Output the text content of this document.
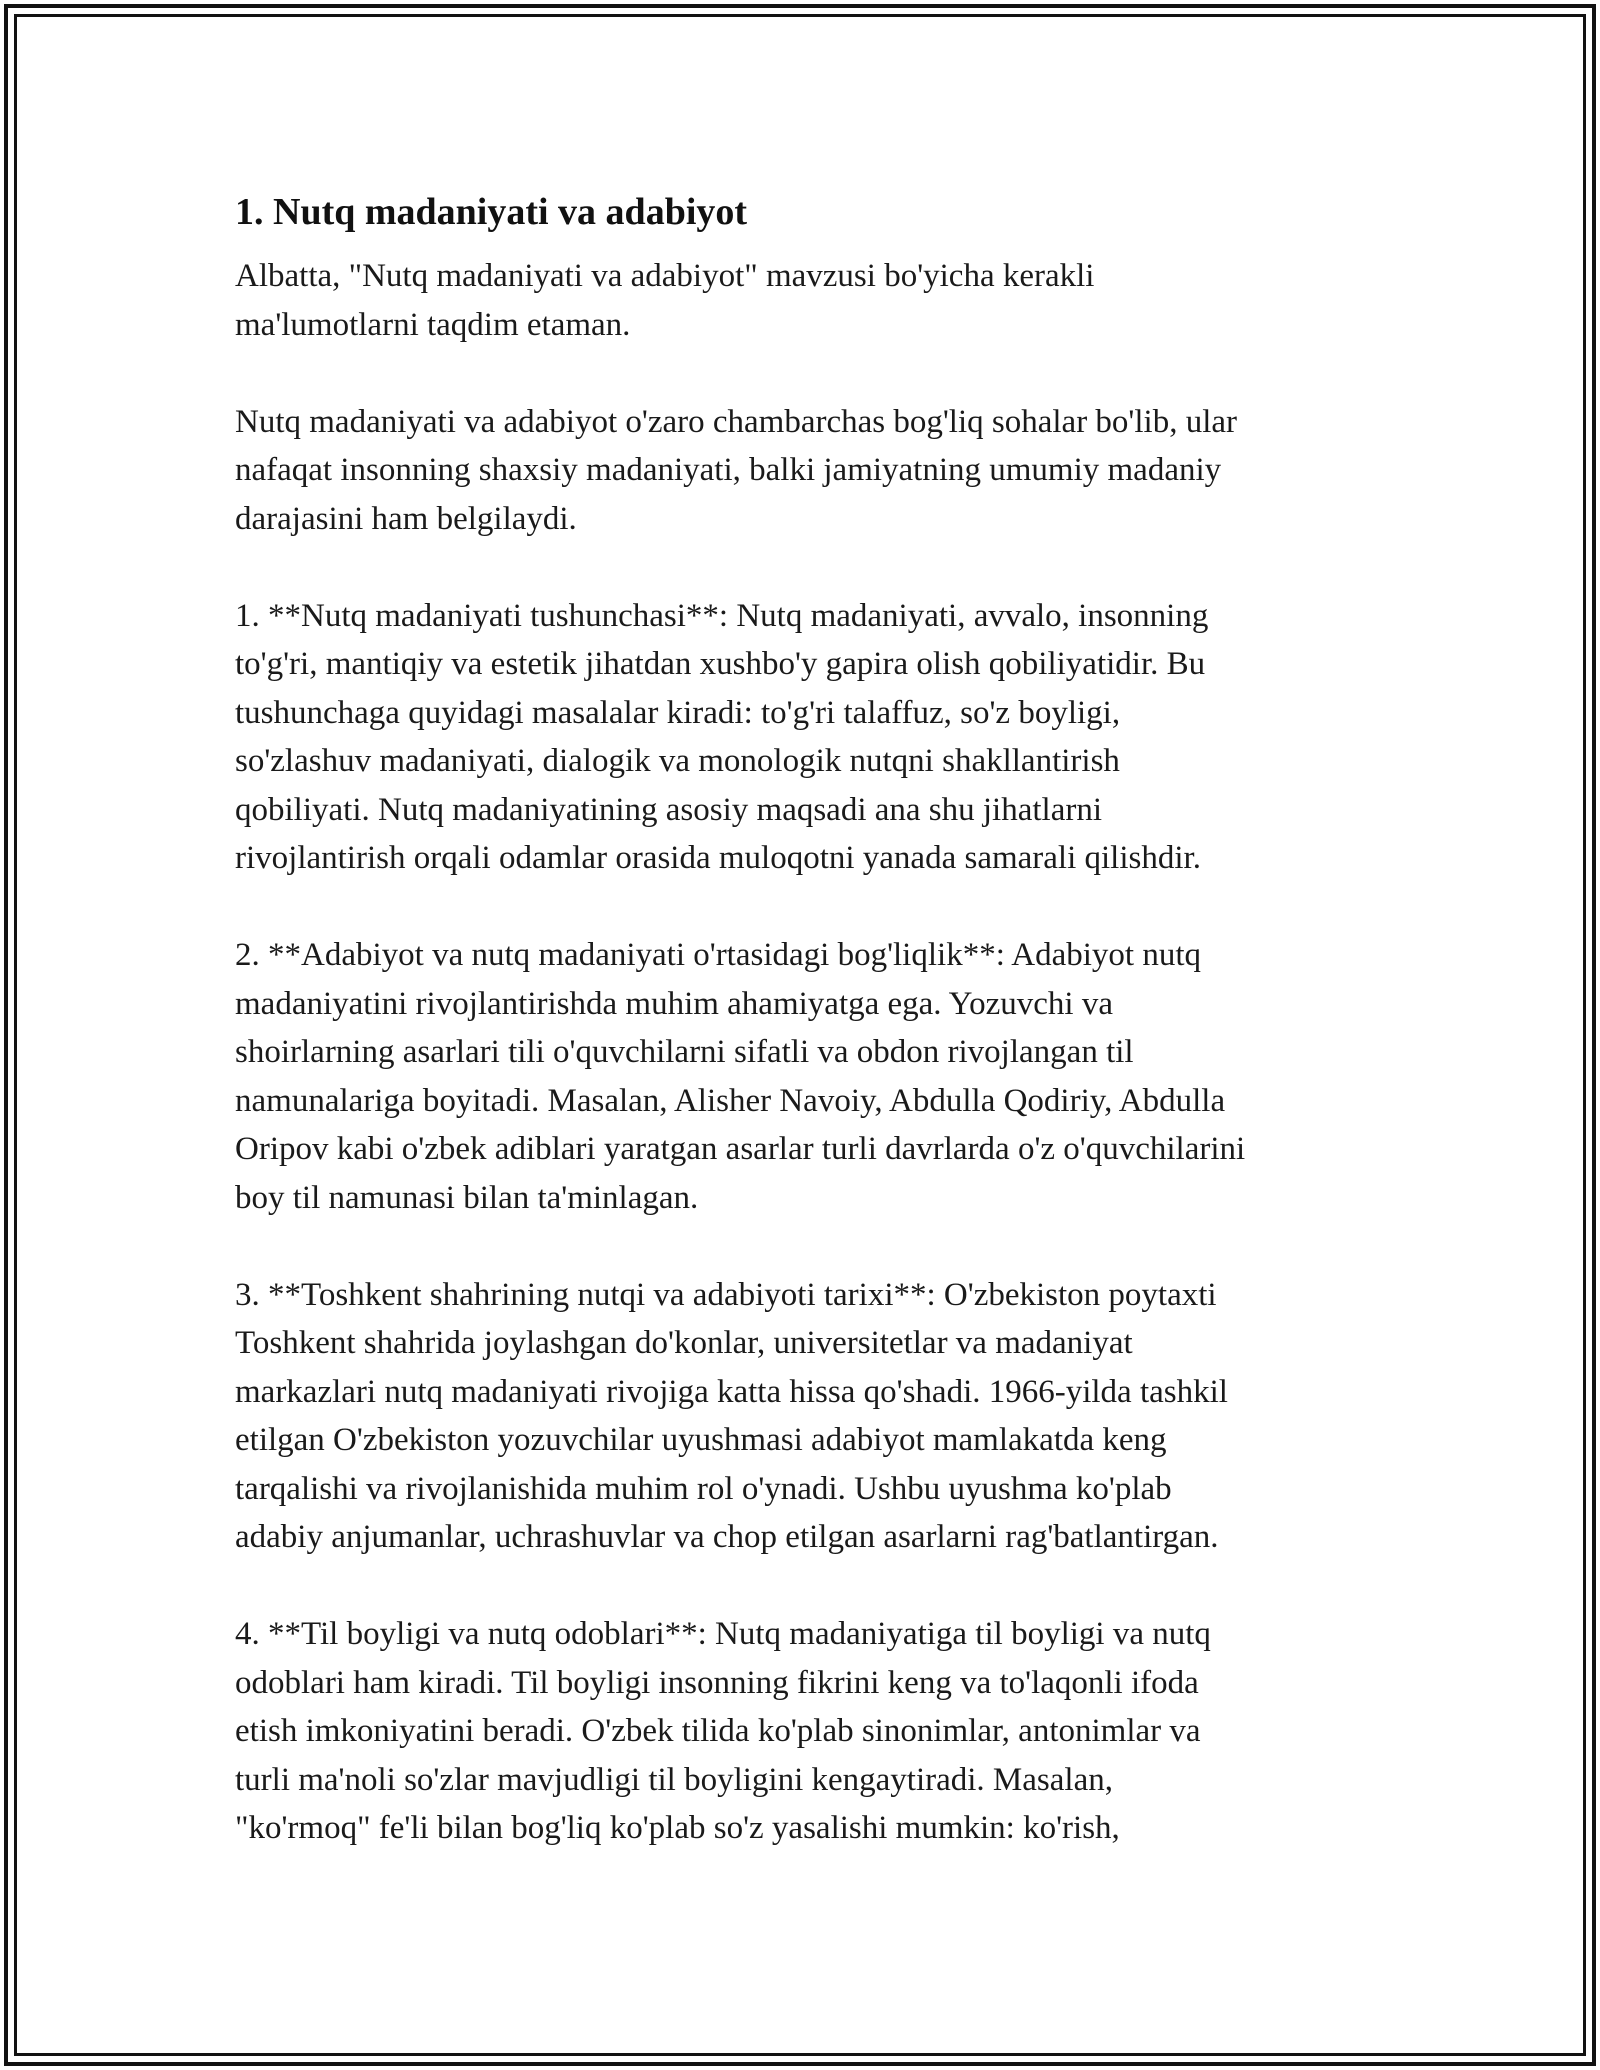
1. Nutq madaniyati va adabiyot

Albatta, "Nutq madaniyati va adabiyot" mavzusi bo'yicha kerakli
ma'lumotlarni taqdim etaman.

Nutq madaniyati va adabiyot o'zaro chambarchas bog'liq sohalar bo'lib, ular
nafaqat insonning shaxsiy madaniyati, balki jamiyatning umumiy madaniy
darajasini ham belgilaydi.

1. **Nutq madaniyati tushunchasi**: Nutq madaniyati, avvalo, insonning
to'g'ri, mantiqiy va estetik jihatdan xushbo'y gapira olish qobiliyatidir. Bu
tushunchaga quyidagi masalalar kiradi: to'g'ri talaffuz, so'z boyligi,
so'zlashuv madaniyati, dialogik va monologik nutqni shakllantirish
qobiliyati. Nutq madaniyatining asosiy maqsadi ana shu jihatlarni
rivojlantirish orqali odamlar orasida muloqotni yanada samarali qilishdir.

2. **Adabiyot va nutq madaniyati o'rtasidagi bog'liqlik**: Adabiyot nutq
madaniyatini rivojlantirishda muhim ahamiyatga ega. Yozuvchi va
shoirlarning asarlari tili o'quvchilarni sifatli va obdon rivojlangan til
namunalariga boyitadi. Masalan, Alisher Navoiy, Abdulla Qodiriy, Abdulla
Oripov kabi o'zbek adiblari yaratgan asarlar turli davrlarda o'z o'quvchilarini
boy til namunasi bilan ta'minlagan.

3. **Toshkent shahrining nutqi va adabiyoti tarixi**: O'zbekiston poytaxti
Toshkent shahrida joylashgan do'konlar, universitetlar va madaniyat
markazlari nutq madaniyati rivojiga katta hissa qo'shadi. 1966-yilda tashkil
etilgan O'zbekiston yozuvchilar uyushmasi adabiyot mamlakatda keng
tarqalishi va rivojlanishida muhim rol o'ynadi. Ushbu uyushma ko'plab
adabiy anjumanlar, uchrashuvlar va chop etilgan asarlarni rag'batlantirgan.

4. **Til boyligi va nutq odoblari**: Nutq madaniyatiga til boyligi va nutq
odoblari ham kiradi. Til boyligi insonning fikrini keng va to'laqonli ifoda
etish imkoniyatini beradi. O'zbek tilida ko'plab sinonimlar, antonimlar va
turli ma'noli so'zlar mavjudligi til boyligini kengaytiradi. Masalan,
"ko'rmoq" fe'li bilan bog'liq ko'plab so'z yasalishi mumkin: ko'rish,
